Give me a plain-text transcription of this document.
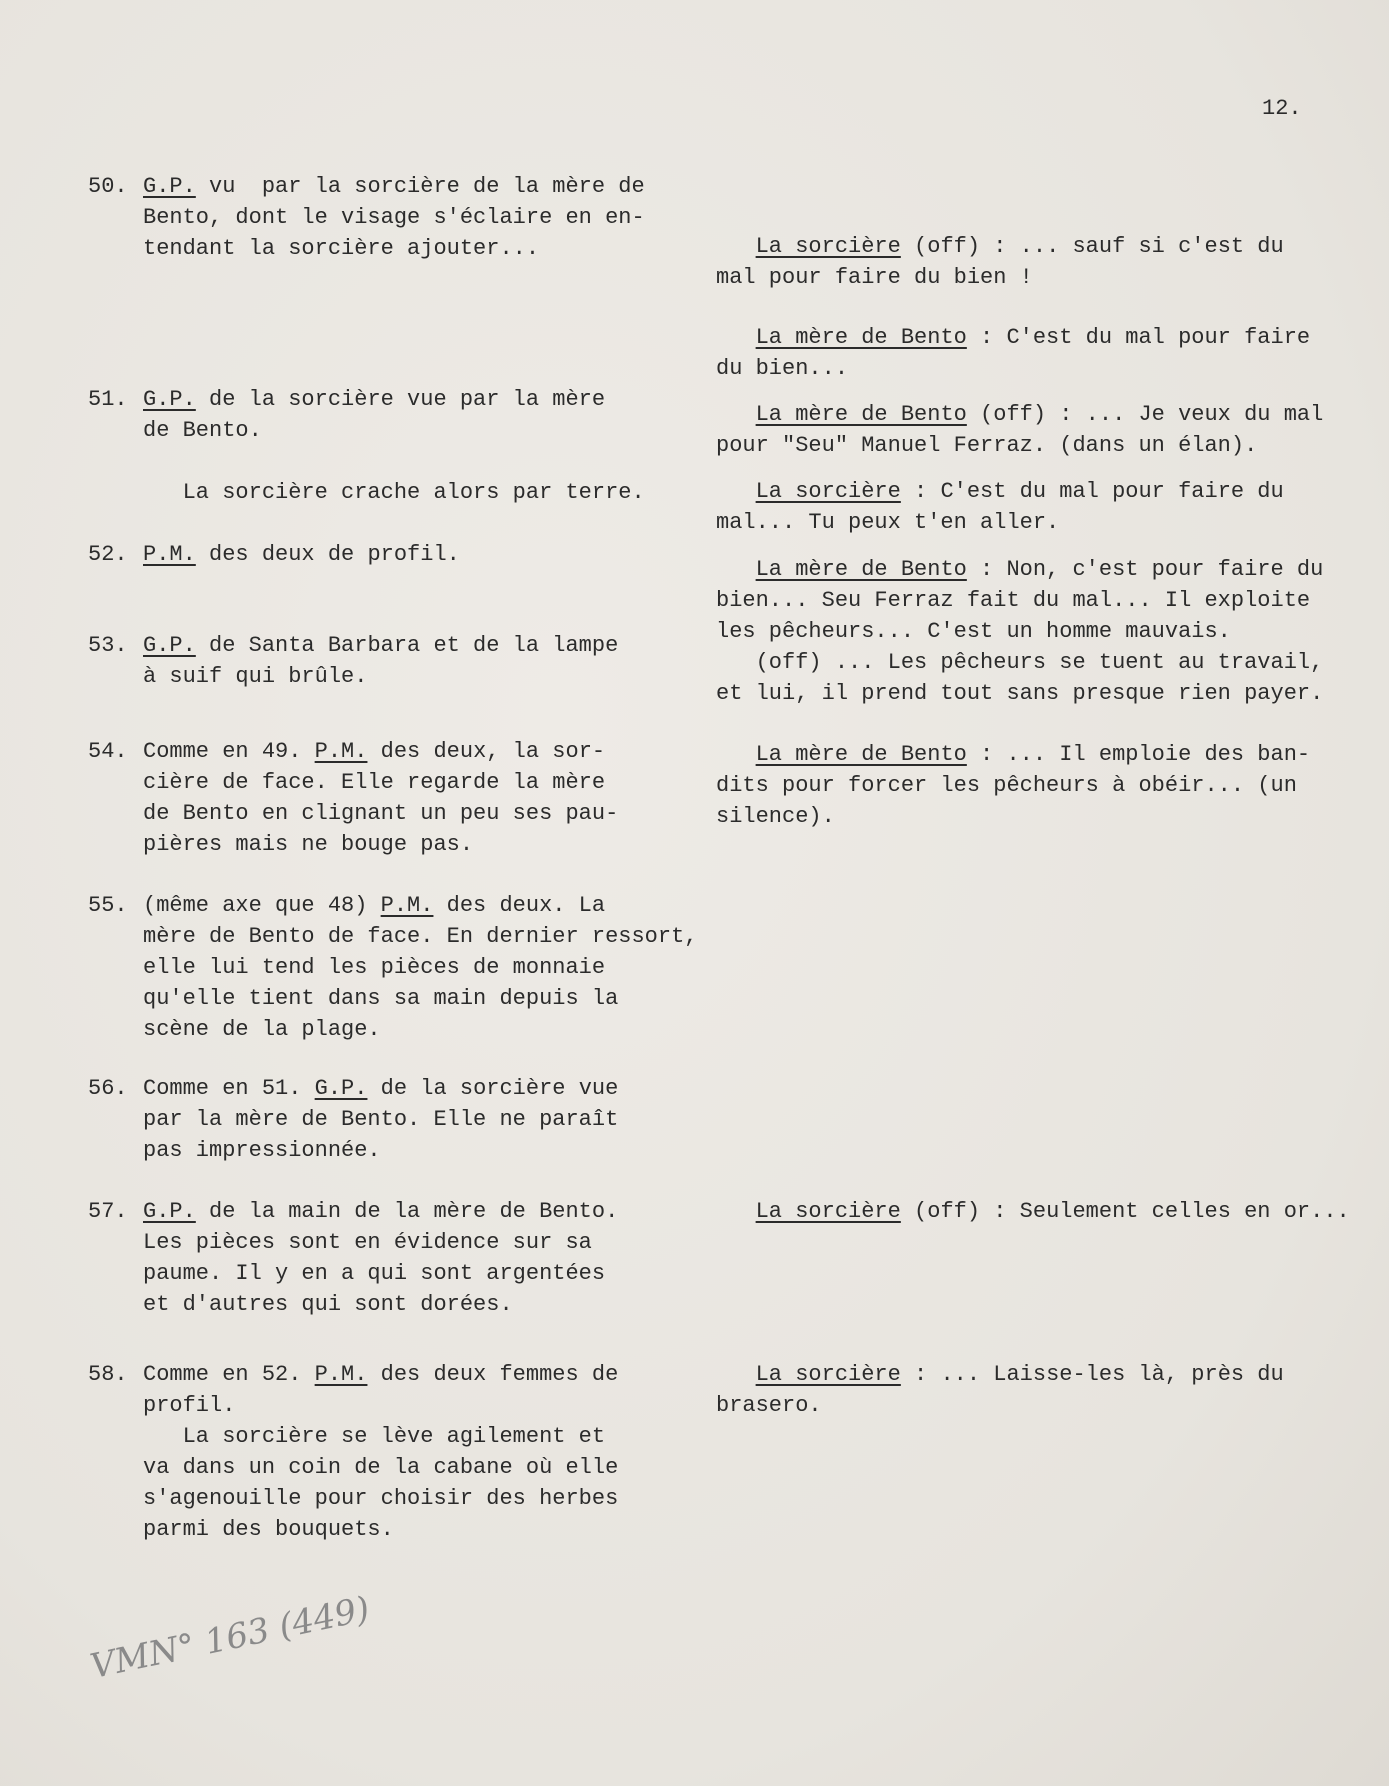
12.
50. G.P. vu  par la sorcière de la mère de
Bento, dont le visage s'éclaire en en-
tendant la sorcière ajouter...
51. G.P. de la sorcière vue par la mère
de Bento.
La sorcière crache alors par terre.
52. P.M. des deux de profil.
53. G.P. de Santa Barbara et de la lampe
à suif qui brûle.
54. Comme en 49. P.M. des deux, la sor-
cière de face. Elle regarde la mère
de Bento en clignant un peu ses pau-
pières mais ne bouge pas.
55. (même axe que 48) P.M. des deux. La
mère de Bento de face. En dernier ressort,
elle lui tend les pièces de monnaie
qu'elle tient dans sa main depuis la
scène de la plage.
56. Comme en 51. G.P. de la sorcière vue
par la mère de Bento. Elle ne paraît
pas impressionnée.
57. G.P. de la main de la mère de Bento.
Les pièces sont en évidence sur sa
paume. Il y en a qui sont argentées
et d'autres qui sont dorées.
58. Comme en 52. P.M. des deux femmes de
profil.
La sorcière se lève agilement et
va dans un coin de la cabane où elle
s'agenouille pour choisir des herbes
parmi des bouquets.
La sorcière (off) : ... sauf si c'est du
mal pour faire du bien !
La mère de Bento : C'est du mal pour faire
du bien...
La mère de Bento (off) : ... Je veux du mal
pour "Seu" Manuel Ferraz. (dans un élan).
La sorcière : C'est du mal pour faire du
mal... Tu peux t'en aller.
La mère de Bento : Non, c'est pour faire du
bien... Seu Ferraz fait du mal... Il exploite
les pêcheurs... C'est un homme mauvais.
(off) ... Les pêcheurs se tuent au travail,
et lui, il prend tout sans presque rien payer.
La mère de Bento : ... Il emploie des ban-
dits pour forcer les pêcheurs à obéir... (un
silence).
La sorcière (off) : Seulement celles en or...
La sorcière : ... Laisse-les là, près du
brasero.
VMN° 163 (449)
